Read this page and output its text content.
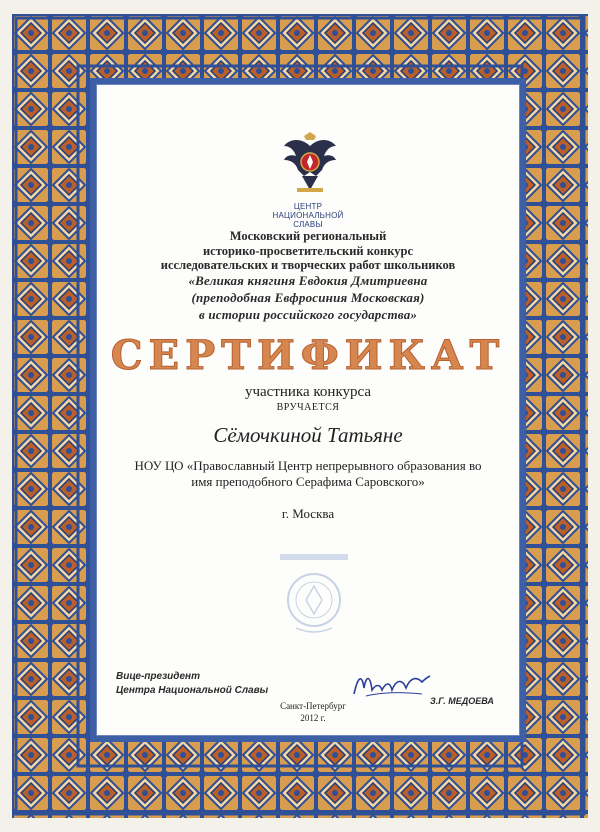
ЦЕНТР
НАЦИОНАЛЬНОЙ
СЛАВЫ
Московский региональный
историко-просветительский конкурс
исследовательских и творческих работ школьников
«Великая княгиня Евдокия Дмитриевна
(преподобная Евфросиния Московская)
в истории российского государства»
СЕРТИФИКАТ
участника конкурса
ВРУЧАЕТСЯ
Сёмочкиной Татьяне
НОУ ЦО «Православный Центр непрерывного образования во
имя преподобного Серафима Саровского»
г. Москва
Вице-президент
Центра Национальной Славы
З.Г. МЕДОЕВА
Санкт-Петербург
2012 г.
